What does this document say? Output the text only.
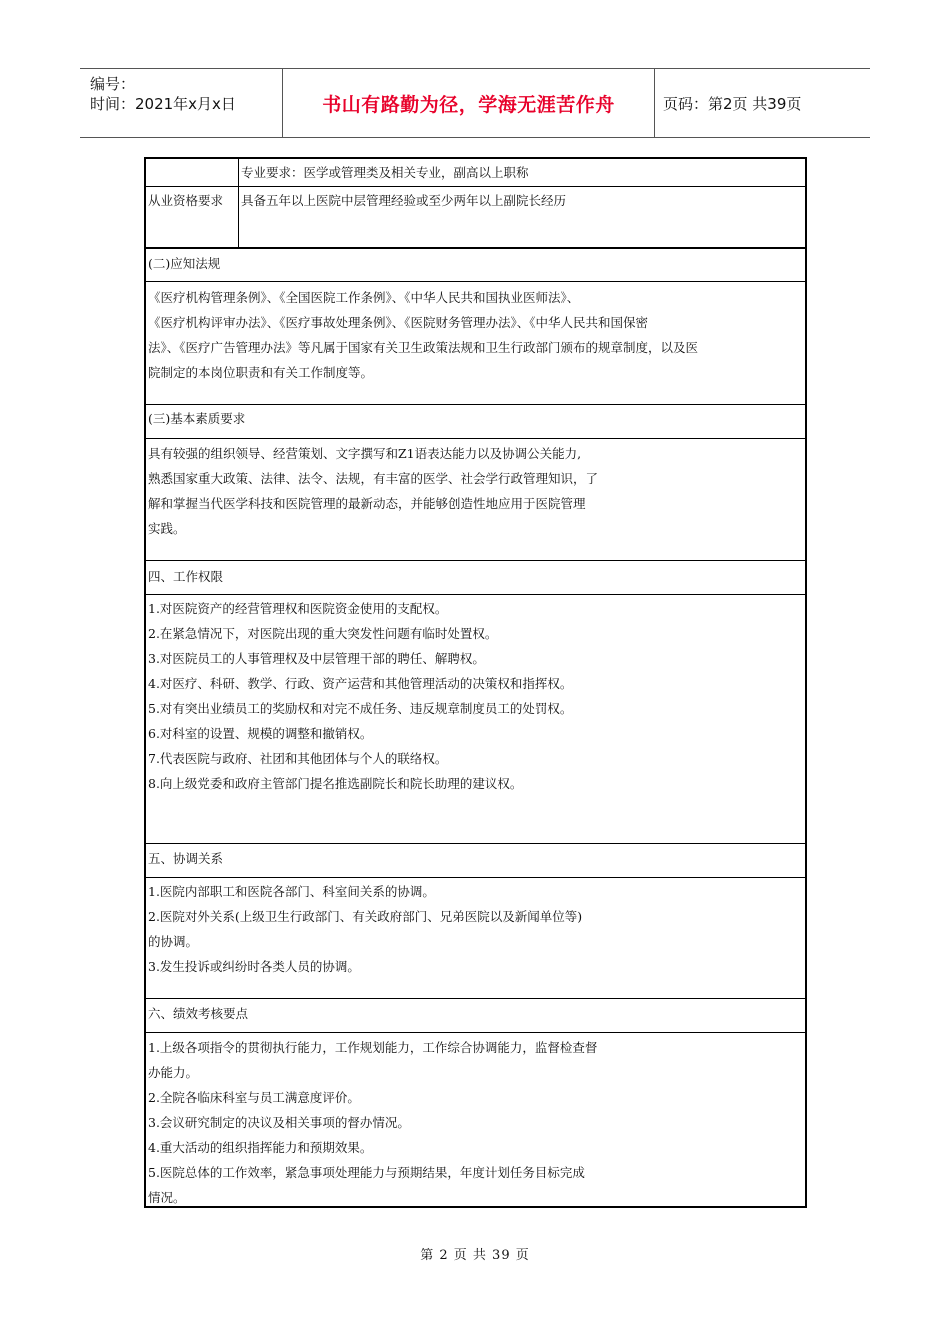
编号：
时间：2021年x月x日	书山有路勤为径，学海无涯苦作舟	页码：第2页 共39页
专业要求：医学或管理类及相关专业，副高以上职称
从业资格要求 具备五年以上医院中层管理经验或至少两年以上副院长经历
(二)应知法规
《医疗机构管理条例》、《全国医院工作条例》、《中华人民共和国执业医师法》、
《医疗机构评审办法》、《医疗事故处理条例》、《医院财务管理办法》、《中华人民共和国保密
法》、《医疗广告管理办法》等凡属于国家有关卫生政策法规和卫生行政部门颁布的规章制度，以及医
院制定的本岗位职责和有关工作制度等。
(三)基本素质要求
具有较强的组织领导、经营策划、文字撰写和Z1语表达能力以及协调公关能力,
熟悉国家重大政策、法律、法令、法规，有丰富的医学、社会学行政管理知识，了
解和掌握当代医学科技和医院管理的最新动态，并能够创造性地应用于医院管理
实践。
四、工作权限
1.对医院资产的经营管理权和医院资金使用的支配权。
2.在紧急情况下，对医院出现的重大突发性问题有临时处置权。
3.对医院员工的人事管理权及中层管理干部的聘任、解聘权。
4.对医疗、科研、教学、行政、资产运营和其他管理活动的决策权和指挥权。
5.对有突出业绩员工的奖励权和对完不成任务、违反规章制度员工的处罚权。
6.对科室的设置、规模的调整和撤销权。
7.代表医院与政府、社团和其他团体与个人的联络权。
8.向上级党委和政府主管部门提名推选副院长和院长助理的建议权。
五、协调关系
1.医院内部职工和医院各部门、科室间关系的协调。
2.医院对外关系(上级卫生行政部门、有关政府部门、兄弟医院以及新闻单位等)
的协调。
3.发生投诉或纠纷时各类人员的协调。
六、绩效考核要点
1.上级各项指令的贯彻执行能力，工作规划能力，工作综合协调能力，监督检查督
办能力。
2.全院各临床科室与员工满意度评价。
3.会议研究制定的决议及相关事项的督办情况。
4.重大活动的组织指挥能力和预期效果。
5.医院总体的工作效率，紧急事项处理能力与预期结果，年度计划任务目标完成
情况。
第 2 页 共 39 页
